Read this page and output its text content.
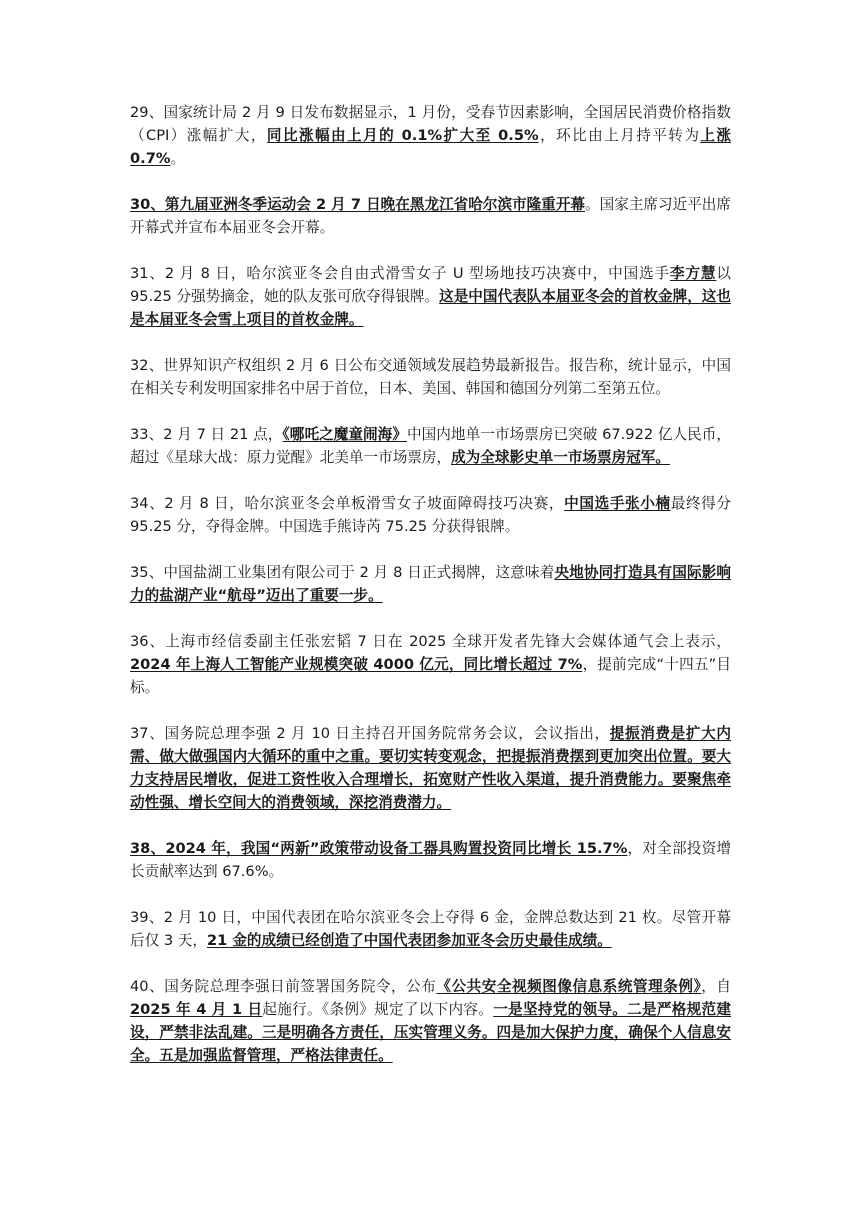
29、国家统计局 2 月 9 日发布数据显示，1 月份，受春节因素影响，全国居民消费价格指数（CPI）涨幅扩大，同比涨幅由上月的 0.1%扩大至 0.5%，环比由上月持平转为上涨 0.7%。

30、第九届亚洲冬季运动会 2 月 7 日晚在黑龙江省哈尔滨市隆重开幕。国家主席习近平出席开幕式并宣布本届亚冬会开幕。

31、2 月 8 日，哈尔滨亚冬会自由式滑雪女子 U 型场地技巧决赛中，中国选手李方慧以 95.25 分强势摘金，她的队友张可欣夺得银牌。这是中国代表队本届亚冬会的首枚金牌，这也是本届亚冬会雪上项目的首枚金牌。

32、世界知识产权组织 2 月 6 日公布交通领域发展趋势最新报告。报告称，统计显示，中国在相关专利发明国家排名中居于首位，日本、美国、韩国和德国分列第二至第五位。

33、2 月 7 日 21 点，《哪吒之魔童闹海》中国内地单一市场票房已突破 67.922 亿人民币，超过《星球大战：原力觉醒》北美单一市场票房，成为全球影史单一市场票房冠军。

34、2 月 8 日，哈尔滨亚冬会单板滑雪女子坡面障碍技巧决赛，中国选手张小楠最终得分 95.25 分，夺得金牌。中国选手熊诗芮 75.25 分获得银牌。

35、中国盐湖工业集团有限公司于 2 月 8 日正式揭牌，这意味着央地协同打造具有国际影响力的盐湖产业“航母”迈出了重要一步。

36、上海市经信委副主任张宏韬 7 日在 2025 全球开发者先锋大会媒体通气会上表示，2024 年上海人工智能产业规模突破 4000 亿元，同比增长超过 7%，提前完成“十四五”目标。

37、国务院总理李强 2 月 10 日主持召开国务院常务会议，会议指出，提振消费是扩大内需、做大做强国内大循环的重中之重。要切实转变观念，把提振消费摆到更加突出位置。要大力支持居民增收，促进工资性收入合理增长，拓宽财产性收入渠道，提升消费能力。要聚焦牵动性强、增长空间大的消费领域，深挖消费潜力。

38、2024 年，我国“两新”政策带动设备工器具购置投资同比增长 15.7%，对全部投资增长贡献率达到 67.6%。

39、2 月 10 日，中国代表团在哈尔滨亚冬会上夺得 6 金，金牌总数达到 21 枚。尽管开幕后仅 3 天，21 金的成绩已经创造了中国代表团参加亚冬会历史最佳成绩。

40、国务院总理李强日前签署国务院令，公布《公共安全视频图像信息系统管理条例》，自 2025 年 4 月 1 日起施行。《条例》规定了以下内容。一是坚持党的领导。二是严格规范建设，严禁非法乱建。三是明确各方责任，压实管理义务。四是加大保护力度，确保个人信息安全。五是加强监督管理，严格法律责任。
